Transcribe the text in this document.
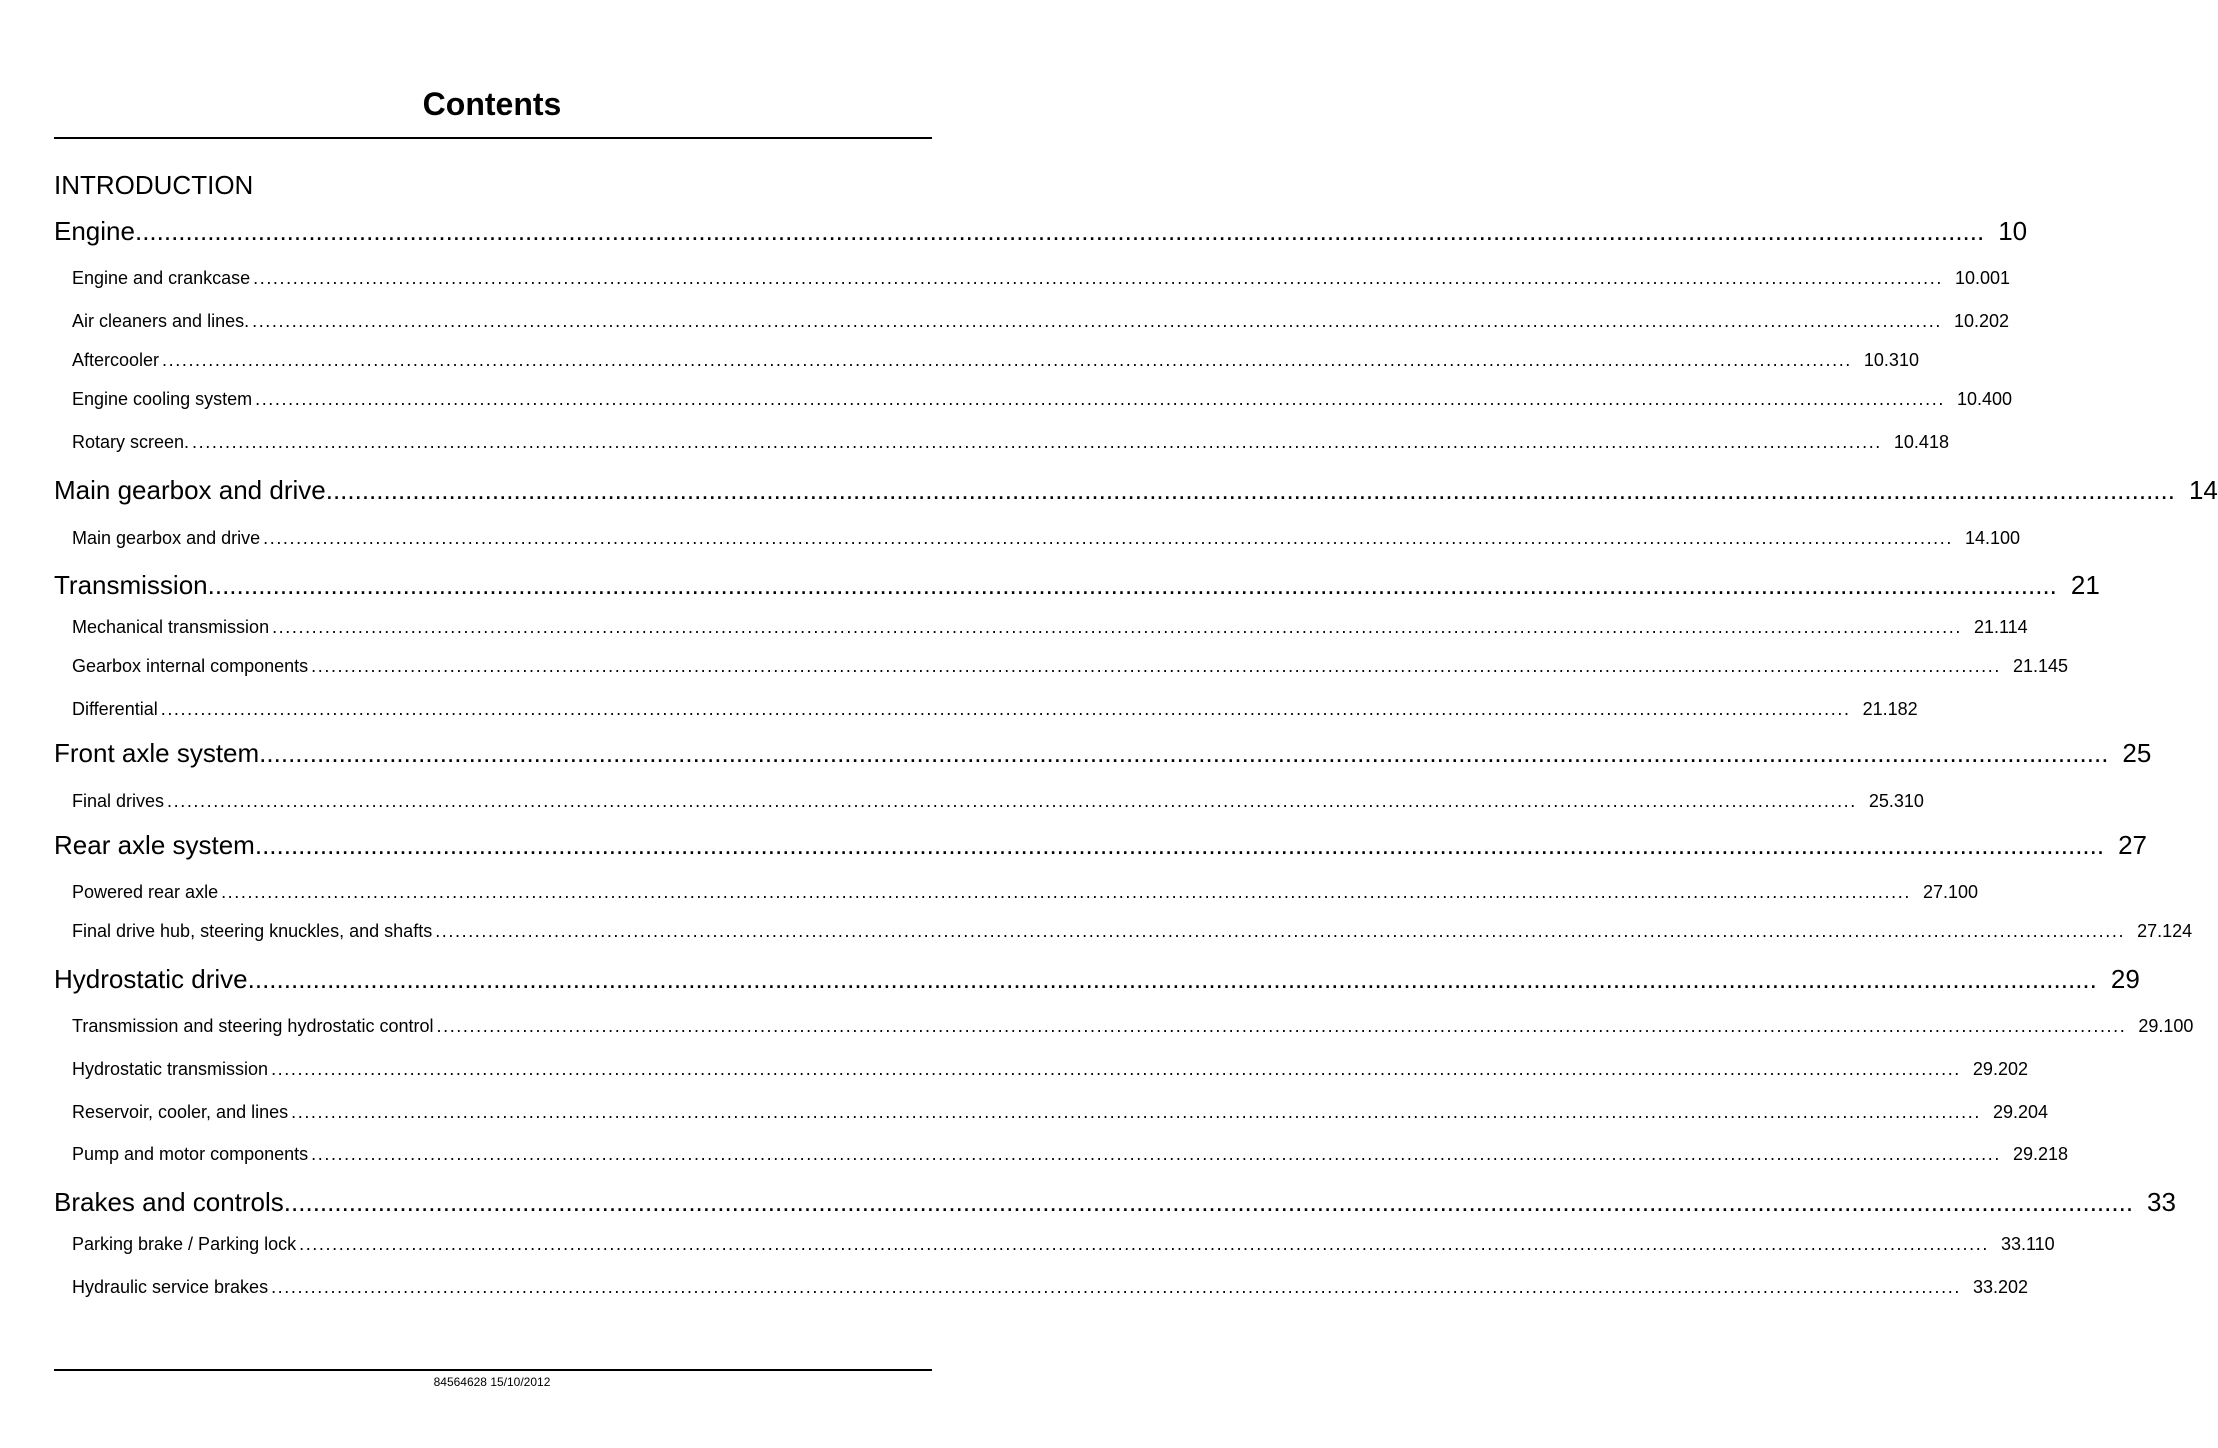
Contents
INTRODUCTION
Engine ................................................................................................................................................................................................................................................................ 10
Engine and crankcase ................................................................................................................................................................................................................................................................ 10.001
Air cleaners and lines. ................................................................................................................................................................................................................................................................ 10.202
Aftercooler ................................................................................................................................................................................................................................................................ 10.310
Engine cooling system ................................................................................................................................................................................................................................................................ 10.400
Rotary screen. ................................................................................................................................................................................................................................................................ 10.418
Main gearbox and drive ................................................................................................................................................................................................................................................................ 14
Main gearbox and drive ................................................................................................................................................................................................................................................................ 14.100
Transmission ................................................................................................................................................................................................................................................................ 21
Mechanical transmission ................................................................................................................................................................................................................................................................ 21.114
Gearbox internal components ................................................................................................................................................................................................................................................................ 21.145
Differential ................................................................................................................................................................................................................................................................ 21.182
Front axle system ................................................................................................................................................................................................................................................................ 25
Final drives ................................................................................................................................................................................................................................................................ 25.310
Rear axle system ................................................................................................................................................................................................................................................................ 27
Powered rear axle ................................................................................................................................................................................................................................................................ 27.100
Final drive hub, steering knuckles, and shafts ................................................................................................................................................................................................................................................................ 27.124
Hydrostatic drive ................................................................................................................................................................................................................................................................ 29
Transmission and steering hydrostatic control ................................................................................................................................................................................................................................................................ 29.100
Hydrostatic transmission ................................................................................................................................................................................................................................................................ 29.202
Reservoir, cooler, and lines ................................................................................................................................................................................................................................................................ 29.204
Pump and motor components ................................................................................................................................................................................................................................................................ 29.218
Brakes and controls ................................................................................................................................................................................................................................................................ 33
Parking brake / Parking lock ................................................................................................................................................................................................................................................................ 33.110
Hydraulic service brakes ................................................................................................................................................................................................................................................................ 33.202
84564628 15/10/2012
